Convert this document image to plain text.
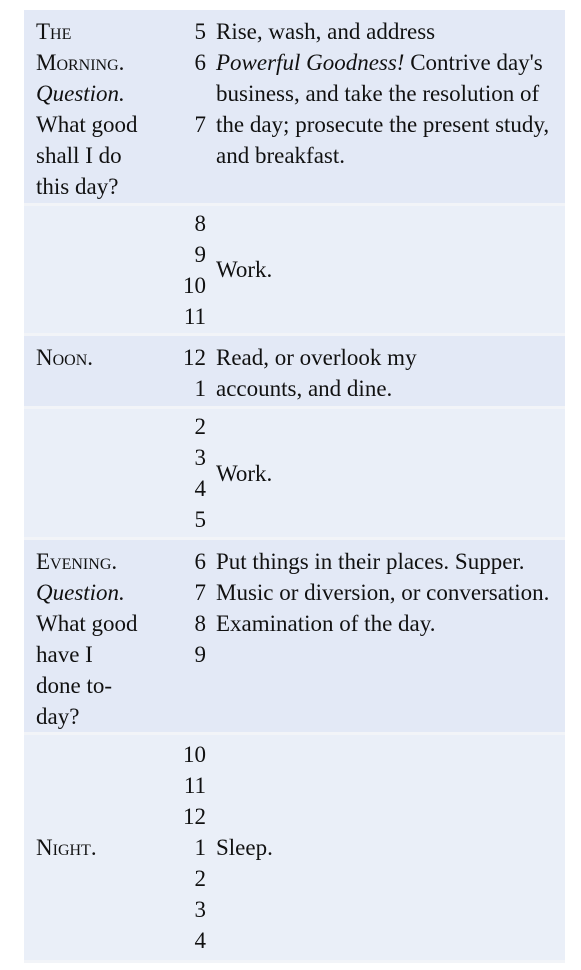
The Morning.
Question.
What good
shall I do
this day?
5
6

7

Rise, wash, and address
Powerful Goodness! Contrive day's business, and take the resolution of the day; prosecute the present study, and breakfast.
8
9
10
11
Work.
Noon.	12
1
Read, or overlook my accounts, and dine.
2
3
4
5
Work.
Evening.
Question.
What good
have I
done to-
day?
6
7
8
9
Put things in their places. Supper. Music or diversion, or conversation. Examination of the day.
Night.
10
11
12
1
2
3
4
Sleep.
